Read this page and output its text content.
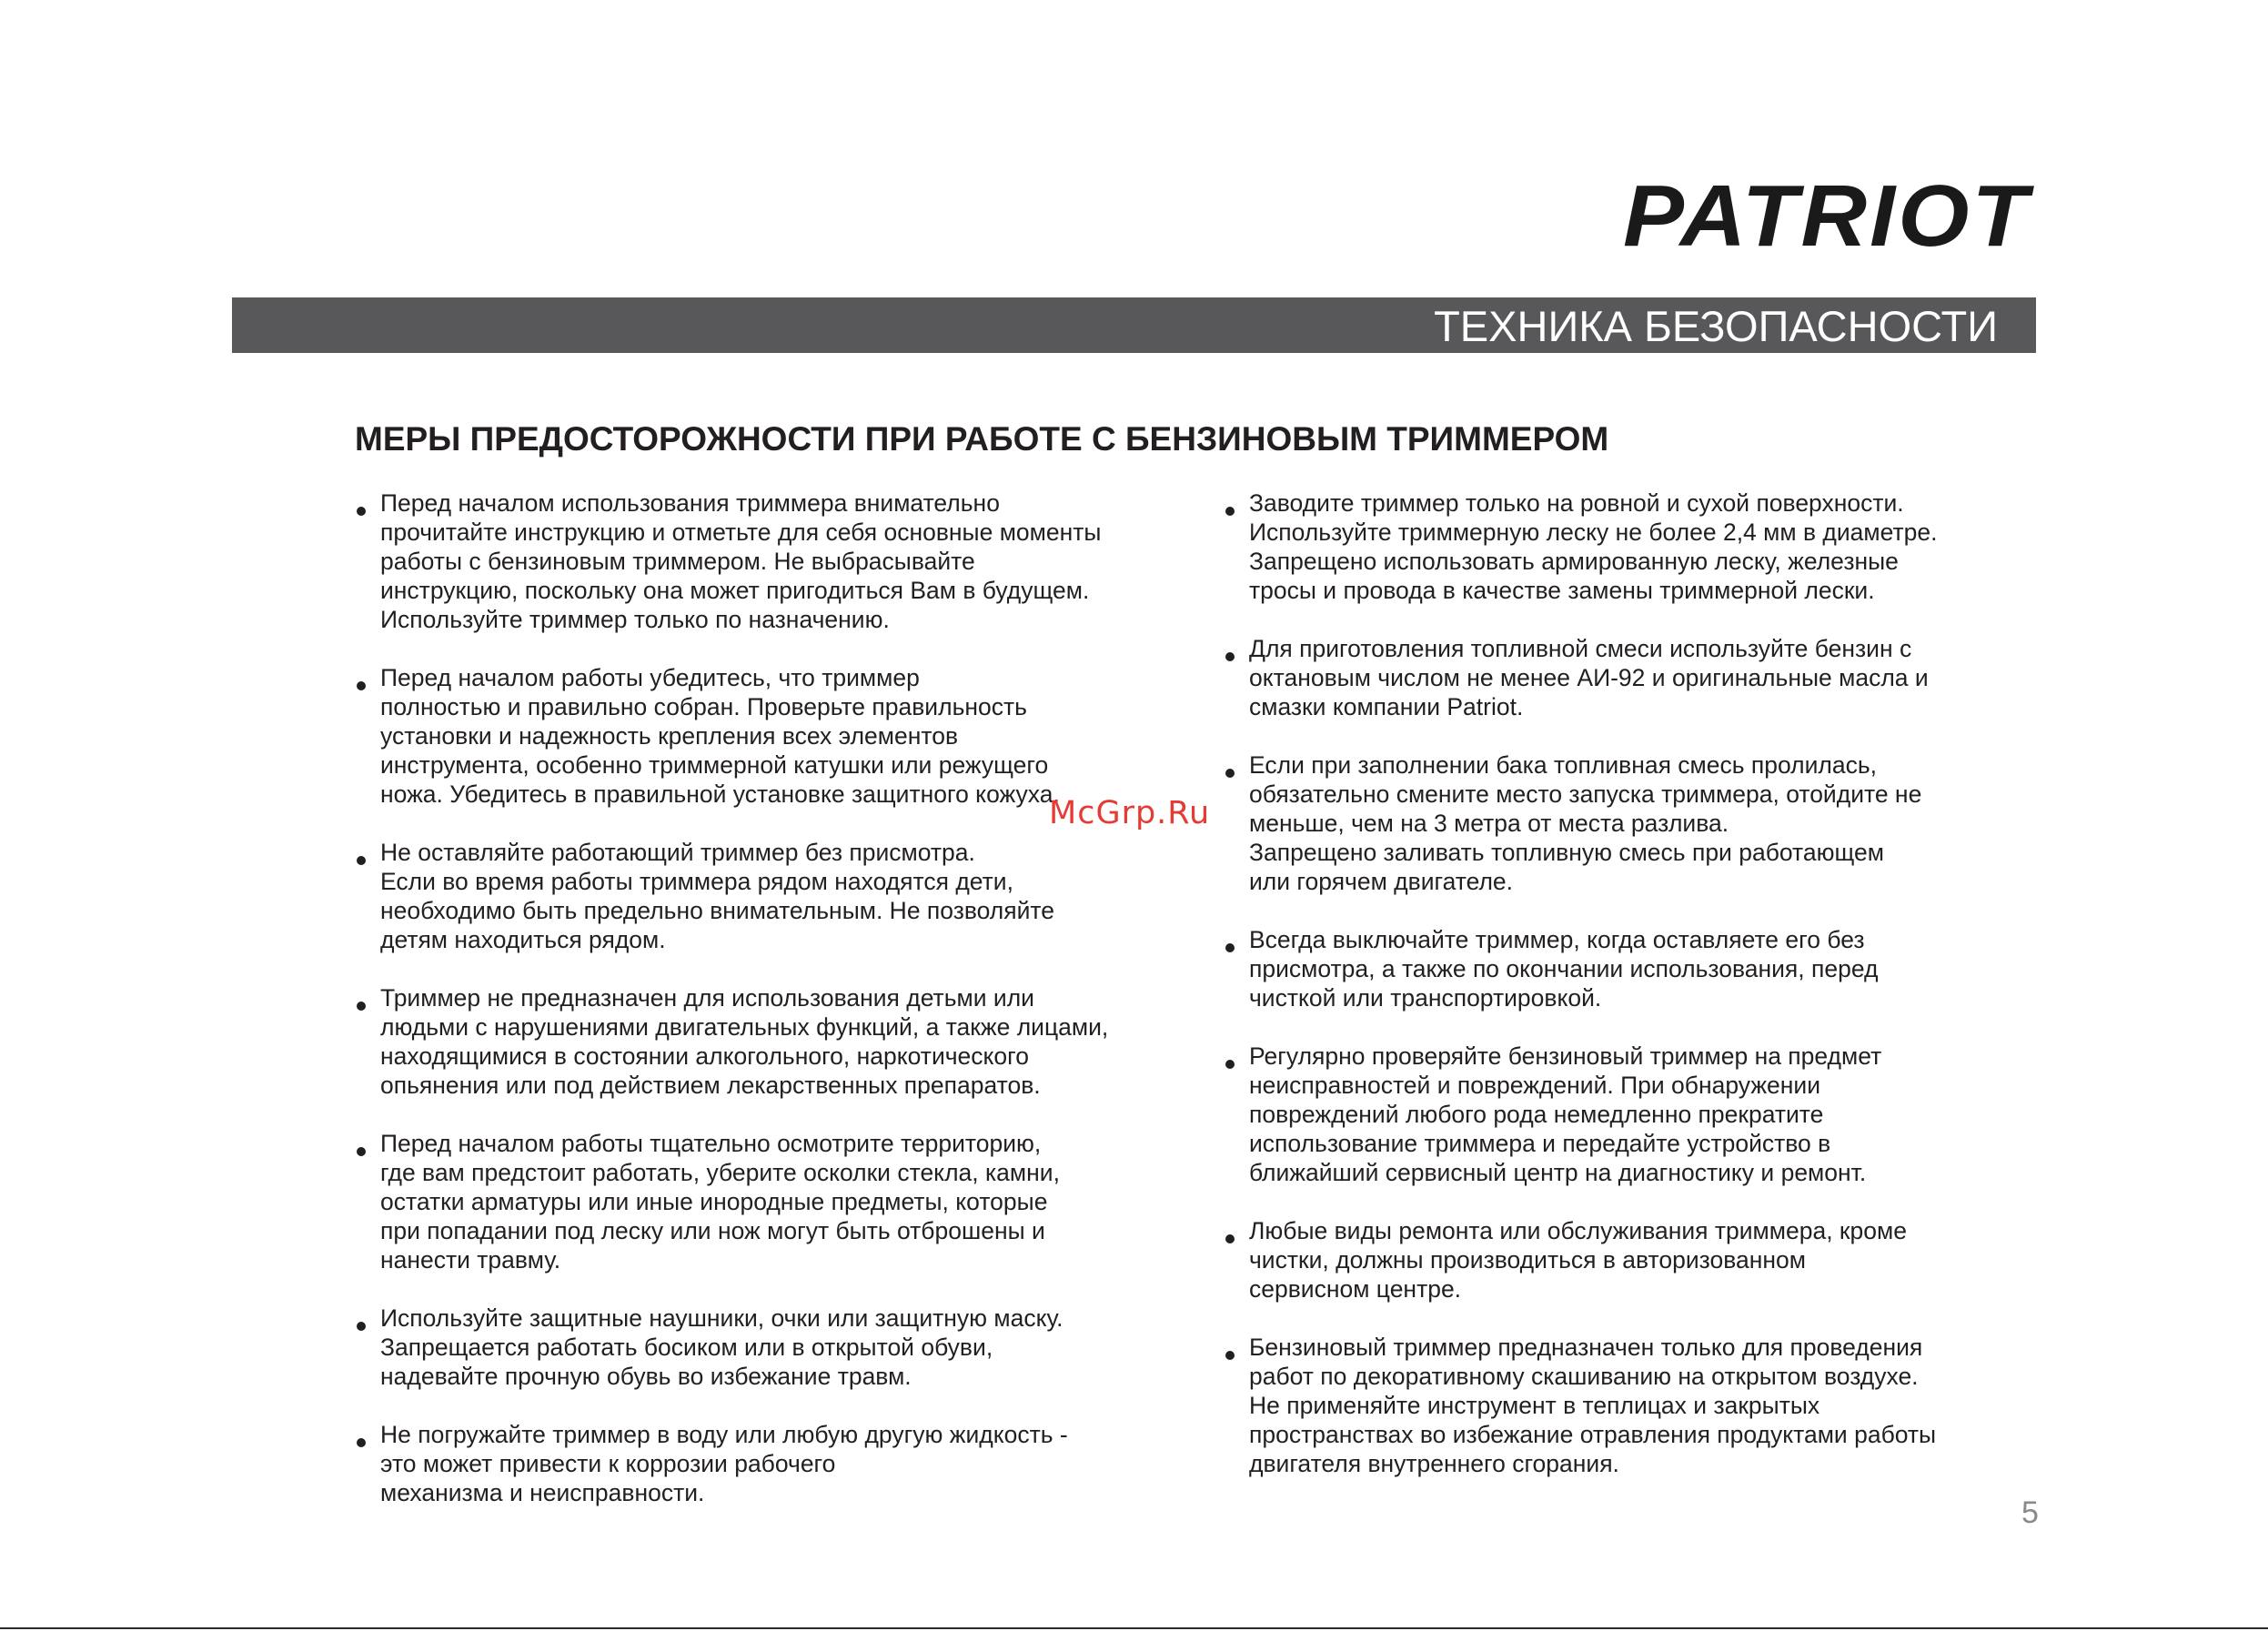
PATRIOT
ТЕХНИКА БЕЗОПАСНОСТИ
МЕРЫ ПРЕДОСТОРОЖНОСТИ ПРИ РАБОТЕ С БЕНЗИНОВЫМ ТРИММЕРОМ
Перед началом использования триммера внимательно
прочитайте инструкцию и отметьте для себя основные моменты
работы с бензиновым триммером. Не выбрасывайте
инструкцию, поскольку она может пригодиться Вам в будущем.
Используйте триммер только по назначению.
Перед началом работы убедитесь, что триммер
полностью и правильно собран. Проверьте правильность
установки и надежность крепления всех элементов
инструмента, особенно триммерной катушки или режущего
ножа. Убедитесь в правильной установке защитного кожуха.
Не оставляйте работающий триммер без присмотра.
Если во время работы триммера рядом находятся дети,
необходимо быть предельно внимательным. Не позволяйте
детям находиться рядом.
Триммер не предназначен для использования детьми или
людьми с нарушениями двигательных функций, а также лицами,
находящимися в состоянии алкогольного, наркотического
опьянения или под действием лекарственных препаратов.
Перед началом работы тщательно осмотрите территорию,
где вам предстоит работать, уберите осколки стекла, камни,
остатки арматуры или иные инородные предметы, которые
при попадании под леску или нож могут быть отброшены и
нанести травму.
Используйте защитные наушники, очки или защитную маску.
Запрещается работать босиком или в открытой обуви,
надевайте прочную обувь во избежание травм.
Не погружайте триммер в воду или любую другую жидкость -
это может привести к коррозии рабочего
механизма и неисправности.
Заводите триммер только на ровной и сухой поверхности.
Используйте триммерную леску не более 2,4 мм в диаметре.
Запрещено использовать армированную леску, железные
тросы и провода в качестве замены триммерной лески.
Для приготовления топливной смеси используйте бензин с
октановым числом не менее АИ-92 и оригинальные масла и
смазки компании Patriot.
Если при заполнении бака топливная смесь пролилась,
обязательно смените место запуска триммера, отойдите не
меньше, чем на 3 метра от места разлива.
Запрещено заливать топливную смесь при работающем
или горячем двигателе.
Всегда выключайте триммер, когда оставляете его без
присмотра, а также по окончании использования, перед
чисткой или транспортировкой.
Регулярно проверяйте бензиновый триммер на предмет
неисправностей и повреждений. При обнаружении
повреждений любого рода немедленно прекратите
использование триммера и передайте устройство в
ближайший сервисный центр на диагностику и ремонт.
Любые виды ремонта или обслуживания триммера, кроме
чистки, должны производиться в авторизованном
сервисном центре.
Бензиновый триммер предназначен только для проведения
работ по декоративному скашиванию на открытом воздухе.
Не применяйте инструмент в теплицах и закрытых
пространствах во избежание отравления продуктами работы
двигателя внутреннего сгорания.
McGrp.Ru
5
